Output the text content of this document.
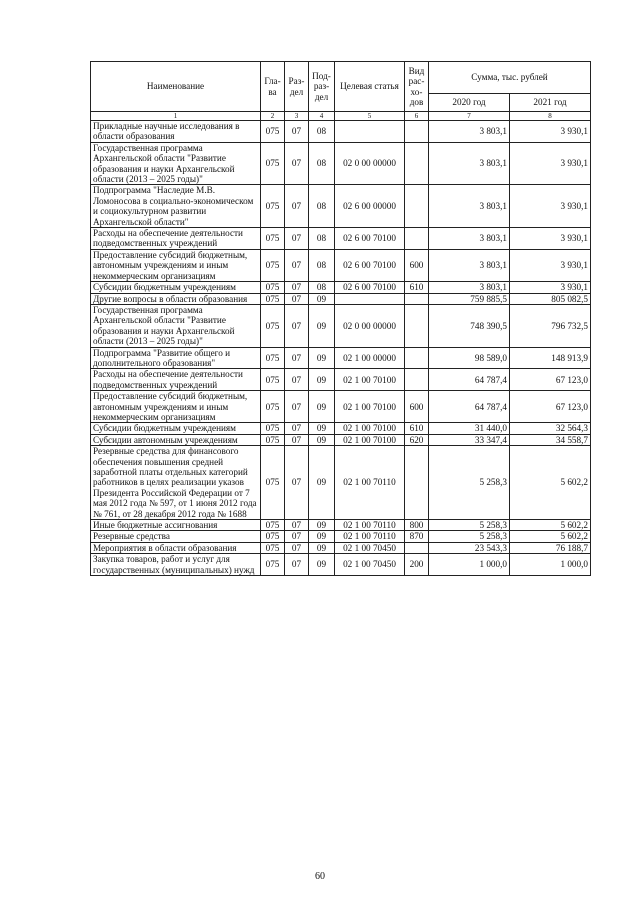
Наименование	Гла-ва	Раз-дел	Под-раз-дел	Целевая статья	Вид рас-хо-дов	Сумма, тыс. рублей	
						2020 год	2021 год
1	2	3	4	5	6	7	8
Прикладные научные исследования в области образования	075	07	08			3 803,1	3 930,1
Государственная программа Архангельской области "Развитие образования и науки Архангельской области (2013 – 2025 годы)"	075	07	08	02 0 00 00000		3 803,1	3 930,1
Подпрограмма "Наследие М.В. Ломоносова в социально-экономическом и социокультурном развитии Архангельской области"	075	07	08	02 6 00 00000		3 803,1	3 930,1
Расходы на обеспечение деятельности подведомственных учреждений	075	07	08	02 6 00 70100		3 803,1	3 930,1
Предоставление субсидий бюджетным, автономным учреждениям и иным некоммерческим организациям	075	07	08	02 6 00 70100	600	3 803,1	3 930,1
Субсидии бюджетным учреждениям	075	07	08	02 6 00 70100	610	3 803,1	3 930,1
Другие вопросы в области образования	075	07	09			759 885,5	805 082,5
Государственная программа Архангельской области "Развитие образования и науки Архангельской области (2013 – 2025 годы)"	075	07	09	02 0 00 00000		748 390,5	796 732,5
Подпрограмма "Развитие общего и дополнительного образования"	075	07	09	02 1 00 00000		98 589,0	148 913,9
Расходы на обеспечение деятельности подведомственных учреждений	075	07	09	02 1 00 70100		64 787,4	67 123,0
Предоставление субсидий бюджетным, автономным учреждениям и иным некоммерческим организациям	075	07	09	02 1 00 70100	600	64 787,4	67 123,0
Субсидии бюджетным учреждениям	075	07	09	02 1 00 70100	610	31 440,0	32 564,3
Субсидии автономным учреждениям	075	07	09	02 1 00 70100	620	33 347,4	34 558,7
Резервные средства для финансового обеспечения повышения средней заработной платы отдельных категорий работников в целях реализации указов Президента Российской Федерации от 7 мая 2012 года № 597, от 1 июня 2012 года № 761, от 28 декабря 2012 года № 1688	075	07	09	02 1 00 70110		5 258,3	5 602,2
Иные бюджетные ассигнования	075	07	09	02 1 00 70110	800	5 258,3	5 602,2
Резервные средства	075	07	09	02 1 00 70110	870	5 258,3	5 602,2
Мероприятия в области образования	075	07	09	02 1 00 70450		23 543,3	76 188,7
Закупка товаров, работ и услуг для государственных (муниципальных) нужд	075	07	09	02 1 00 70450	200	1 000,0	1 000,0
60
